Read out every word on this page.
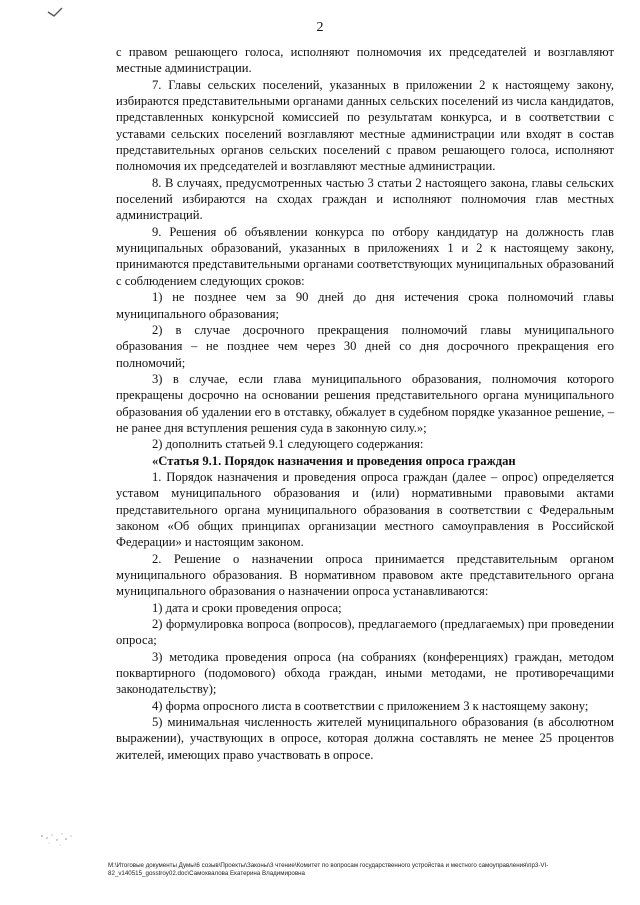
2

с правом решающего голоса, исполняют полномочия их председателей и возглавляют местные администрации.

7. Главы сельских поселений, указанных в приложении 2 к настоящему закону, избираются представительными органами данных сельских поселений из числа кандидатов, представленных конкурсной комиссией по результатам конкурса, и в соответствии с уставами сельских поселений возглавляют местные администрации или входят в состав представительных органов сельских поселений с правом решающего голоса, исполняют полномочия их председателей и возглавляют местные администрации.

8. В случаях, предусмотренных частью 3 статьи 2 настоящего закона, главы сельских поселений избираются на сходах граждан и исполняют полномочия глав местных администраций.

9. Решения об объявлении конкурса по отбору кандидатур на должность глав муниципальных образований, указанных в приложениях 1 и 2 к настоящему закону, принимаются представительными органами соответствующих муниципальных образований с соблюдением следующих сроков:

1) не позднее чем за 90 дней до дня истечения срока полномочий главы муниципального образования;

2) в случае досрочного прекращения полномочий главы муниципального образования – не позднее чем через 30 дней со дня досрочного прекращения его полномочий;

3) в случае, если глава муниципального образования, полномочия которого прекращены досрочно на основании решения представительного органа муниципального образования об удалении его в отставку, обжалует в судебном порядке указанное решение, – не ранее дня вступления решения суда в законную силу.»;

2) дополнить статьей 9.1 следующего содержания:

«Статья 9.1. Порядок назначения и проведения опроса граждан

1. Порядок назначения и проведения опроса граждан (далее – опрос) определяется уставом муниципального образования и (или) нормативными правовыми актами представительного органа муниципального образования в соответствии с Федеральным законом «Об общих принципах организации местного самоуправления в Российской Федерации» и настоящим законом.

2. Решение о назначении опроса принимается представительным органом муниципального образования. В нормативном правовом акте представительного органа муниципального образования о назначении опроса устанавливаются:

1) дата и сроки проведения опроса;

2) формулировка вопроса (вопросов), предлагаемого (предлагаемых) при проведении опроса;

3) методика проведения опроса (на собраниях (конференциях) граждан, методом поквартирного (подомового) обхода граждан, иными методами, не противоречащими законодательству);

4) форма опросного листа в соответствии с приложением 3 к настоящему закону;

5) минимальная численность жителей муниципального образования (в абсолютном выражении), участвующих в опросе, которая должна составлять не менее 25 процентов жителей, имеющих право участвовать в опросе.

M:\Итоговые документы Думы\6 созыв\Проекты\Законы\3 чтение\Комитет по вопросам государственного устройства и местного самоуправления\пр3-VI-82_v140515_gosstroy02.doc\Самохвалова Екатерина Владимировна
